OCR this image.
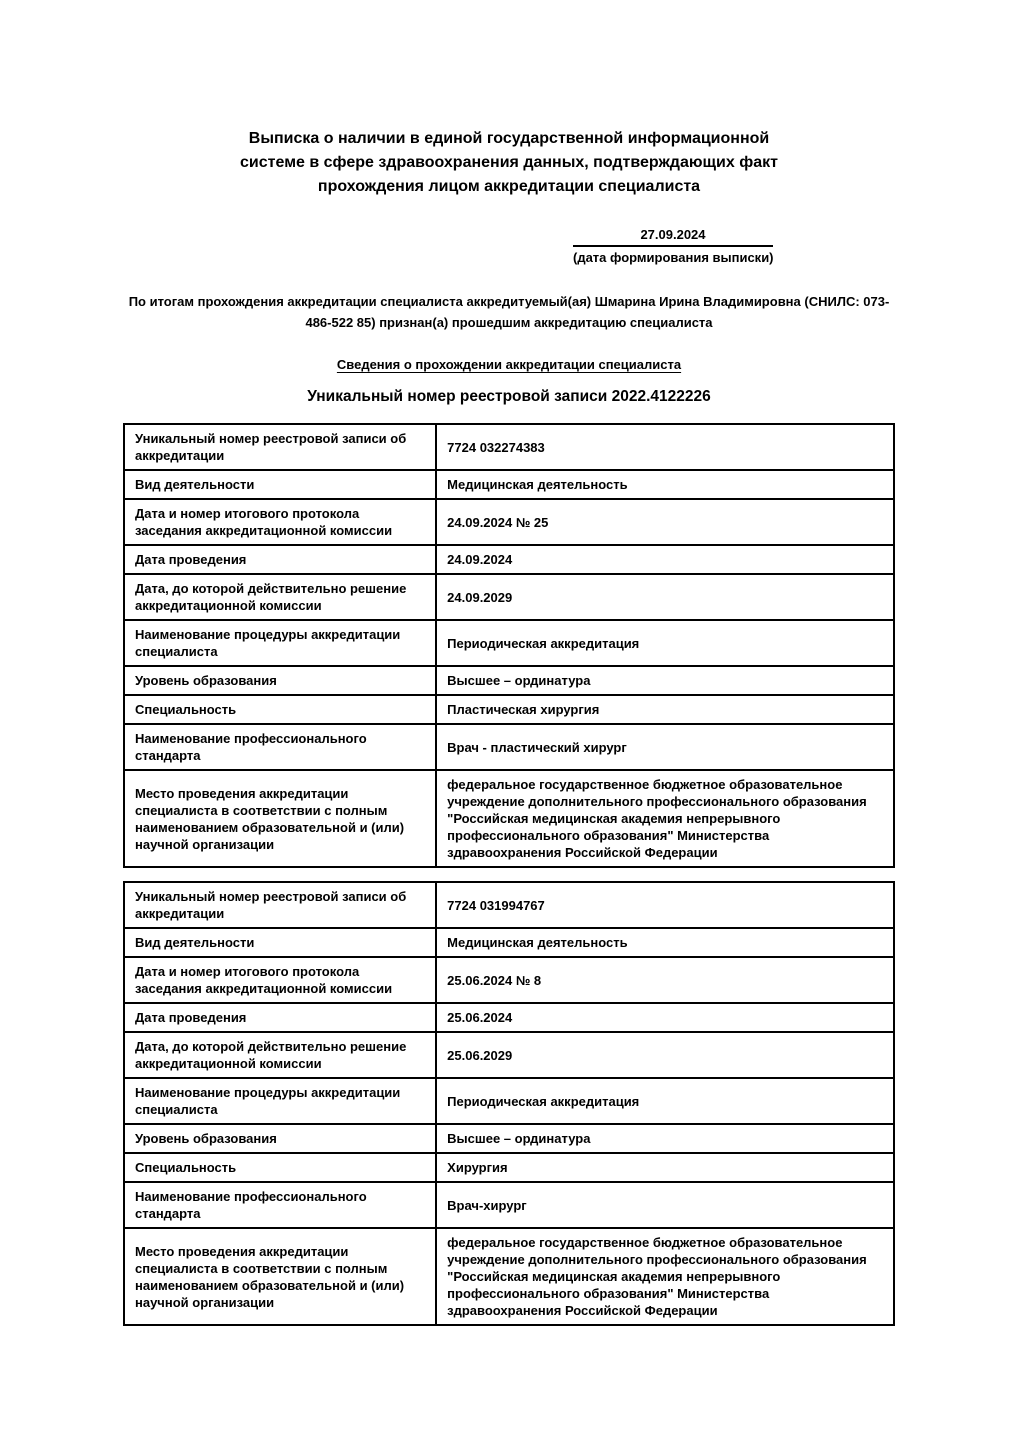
Выписка о наличии в единой государственной информационной
системе в сфере здравоохранения данных, подтверждающих факт
прохождения лицом аккредитации специалиста
27.09.2024
(дата формирования выписки)

По итогам прохождения аккредитации специалиста аккредитуемый(ая) Шмарина Ирина Владимировна (СНИЛС: 073-486-522 85) признан(а) прошедшим аккредитацию специалиста

Сведения о прохождении аккредитации специалиста
Уникальный номер реестровой записи 2022.4122226
Уникальный номер реестровой записи об аккредитации	7724 032274383
Вид деятельности	Медицинская деятельность
Дата и номер итогового протокола заседания аккредитационной комиссии	24.09.2024 № 25
Дата проведения	24.09.2024
Дата, до которой действительно решение аккредитационной комиссии	24.09.2029
Наименование процедуры аккредитации специалиста	Периодическая аккредитация
Уровень образования	Высшее – ординатура
Специальность	Пластическая хирургия
Наименование профессионального стандарта	Врач - пластический хирург
Место проведения аккредитации специалиста в соответствии с полным наименованием образовательной и (или) научной организации	федеральное государственное бюджетное образовательное учреждение дополнительного профессионального образования "Российская медицинская академия непрерывного профессионального образования" Министерства здравоохранения Российской Федерации
Уникальный номер реестровой записи об аккредитации	7724 031994767
Вид деятельности	Медицинская деятельность
Дата и номер итогового протокола заседания аккредитационной комиссии	25.06.2024 № 8
Дата проведения	25.06.2024
Дата, до которой действительно решение аккредитационной комиссии	25.06.2029
Наименование процедуры аккредитации специалиста	Периодическая аккредитация
Уровень образования	Высшее – ординатура
Специальность	Хирургия
Наименование профессионального стандарта	Врач-хирург
Место проведения аккредитации специалиста в соответствии с полным наименованием образовательной и (или) научной организации	федеральное государственное бюджетное образовательное учреждение дополнительного профессионального образования "Российская медицинская академия непрерывного профессионального образования" Министерства здравоохранения Российской Федерации
